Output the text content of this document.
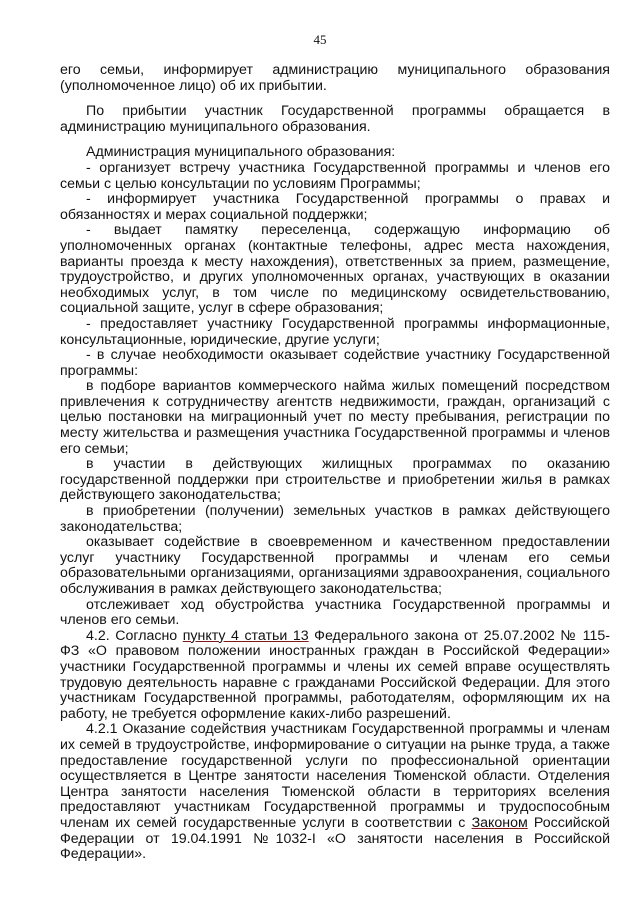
45

его семьи, информирует администрацию муниципального образования (уполномоченное лицо) об их прибытии.

По прибытии участник Государственной программы обращается в администрацию муниципального образования.

Администрация муниципального образования:

- организует встречу участника Государственной программы и членов его семьи с целью консультации по условиям Программы;

- информирует участника Государственной программы о правах и обязанностях и мерах социальной поддержки;

- выдает памятку переселенца, содержащую информацию об уполномоченных органах (контактные телефоны, адрес места нахождения, варианты проезда к месту нахождения), ответственных за прием, размещение, трудоустройство, и других уполномоченных органах, участвующих в оказании необходимых услуг, в том числе по медицинскому освидетельствованию, социальной защите, услуг в сфере образования;

- предоставляет участнику Государственной программы информационные, консультационные, юридические, другие услуги;

- в случае необходимости оказывает содействие участнику Государственной программы:

в подборе вариантов коммерческого найма жилых помещений посредством привлечения к сотрудничеству агентств недвижимости, граждан, организаций с целью постановки на миграционный учет по месту пребывания, регистрации по месту жительства и размещения участника Государственной программы и членов его семьи;

в участии в действующих жилищных программах по оказанию государственной поддержки при строительстве и приобретении жилья в рамках действующего законодательства;

в приобретении (получении) земельных участков в рамках действующего законодательства;

оказывает содействие в своевременном и качественном предоставлении услуг участнику Государственной программы и членам его семьи образовательными организациями, организациями здравоохранения, социального обслуживания в рамках действующего законодательства;

отслеживает ход обустройства участника Государственной программы и членов его семьи.

4.2. Согласно пункту 4 статьи 13 Федерального закона от 25.07.2002 № 115-ФЗ «О правовом положении иностранных граждан в Российской Федерации» участники Государственной программы и члены их семей вправе осуществлять трудовую деятельность наравне с гражданами Российской Федерации. Для этого участникам Государственной программы, работодателям, оформляющим их на работу, не требуется оформление каких-либо разрешений.

4.2.1 Оказание содействия участникам Государственной программы и членам их семей в трудоустройстве, информирование о ситуации на рынке труда, а также предоставление государственной услуги по профессиональной ориентации осуществляется в Центре занятости населения Тюменской области. Отделения Центра занятости населения Тюменской области в территориях вселения предоставляют участникам Государственной программы и трудоспособным членам их семей государственные услуги в соответствии с Законом Российской Федерации от 19.04.1991 №1032-I «О занятости населения в Российской Федерации».
